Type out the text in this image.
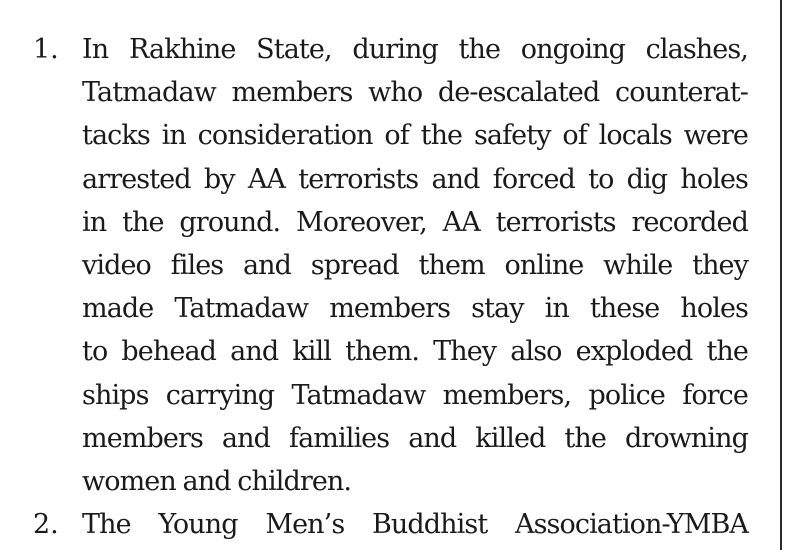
1. In Rakhine State, during the ongoing clashes,
Tatmadaw members who de-escalated counterat-
tacks in consideration of the safety of locals were
arrested by AA terrorists and forced to dig holes
in the ground. Moreover, AA terrorists recorded
video files and spread them online while they
made Tatmadaw members stay in these holes
to behead and kill them. They also exploded the
ships carrying Tatmadaw members, police force
members and families and killed the drowning
women and children.
2. The Young Men’s Buddhist Association-YMBA
